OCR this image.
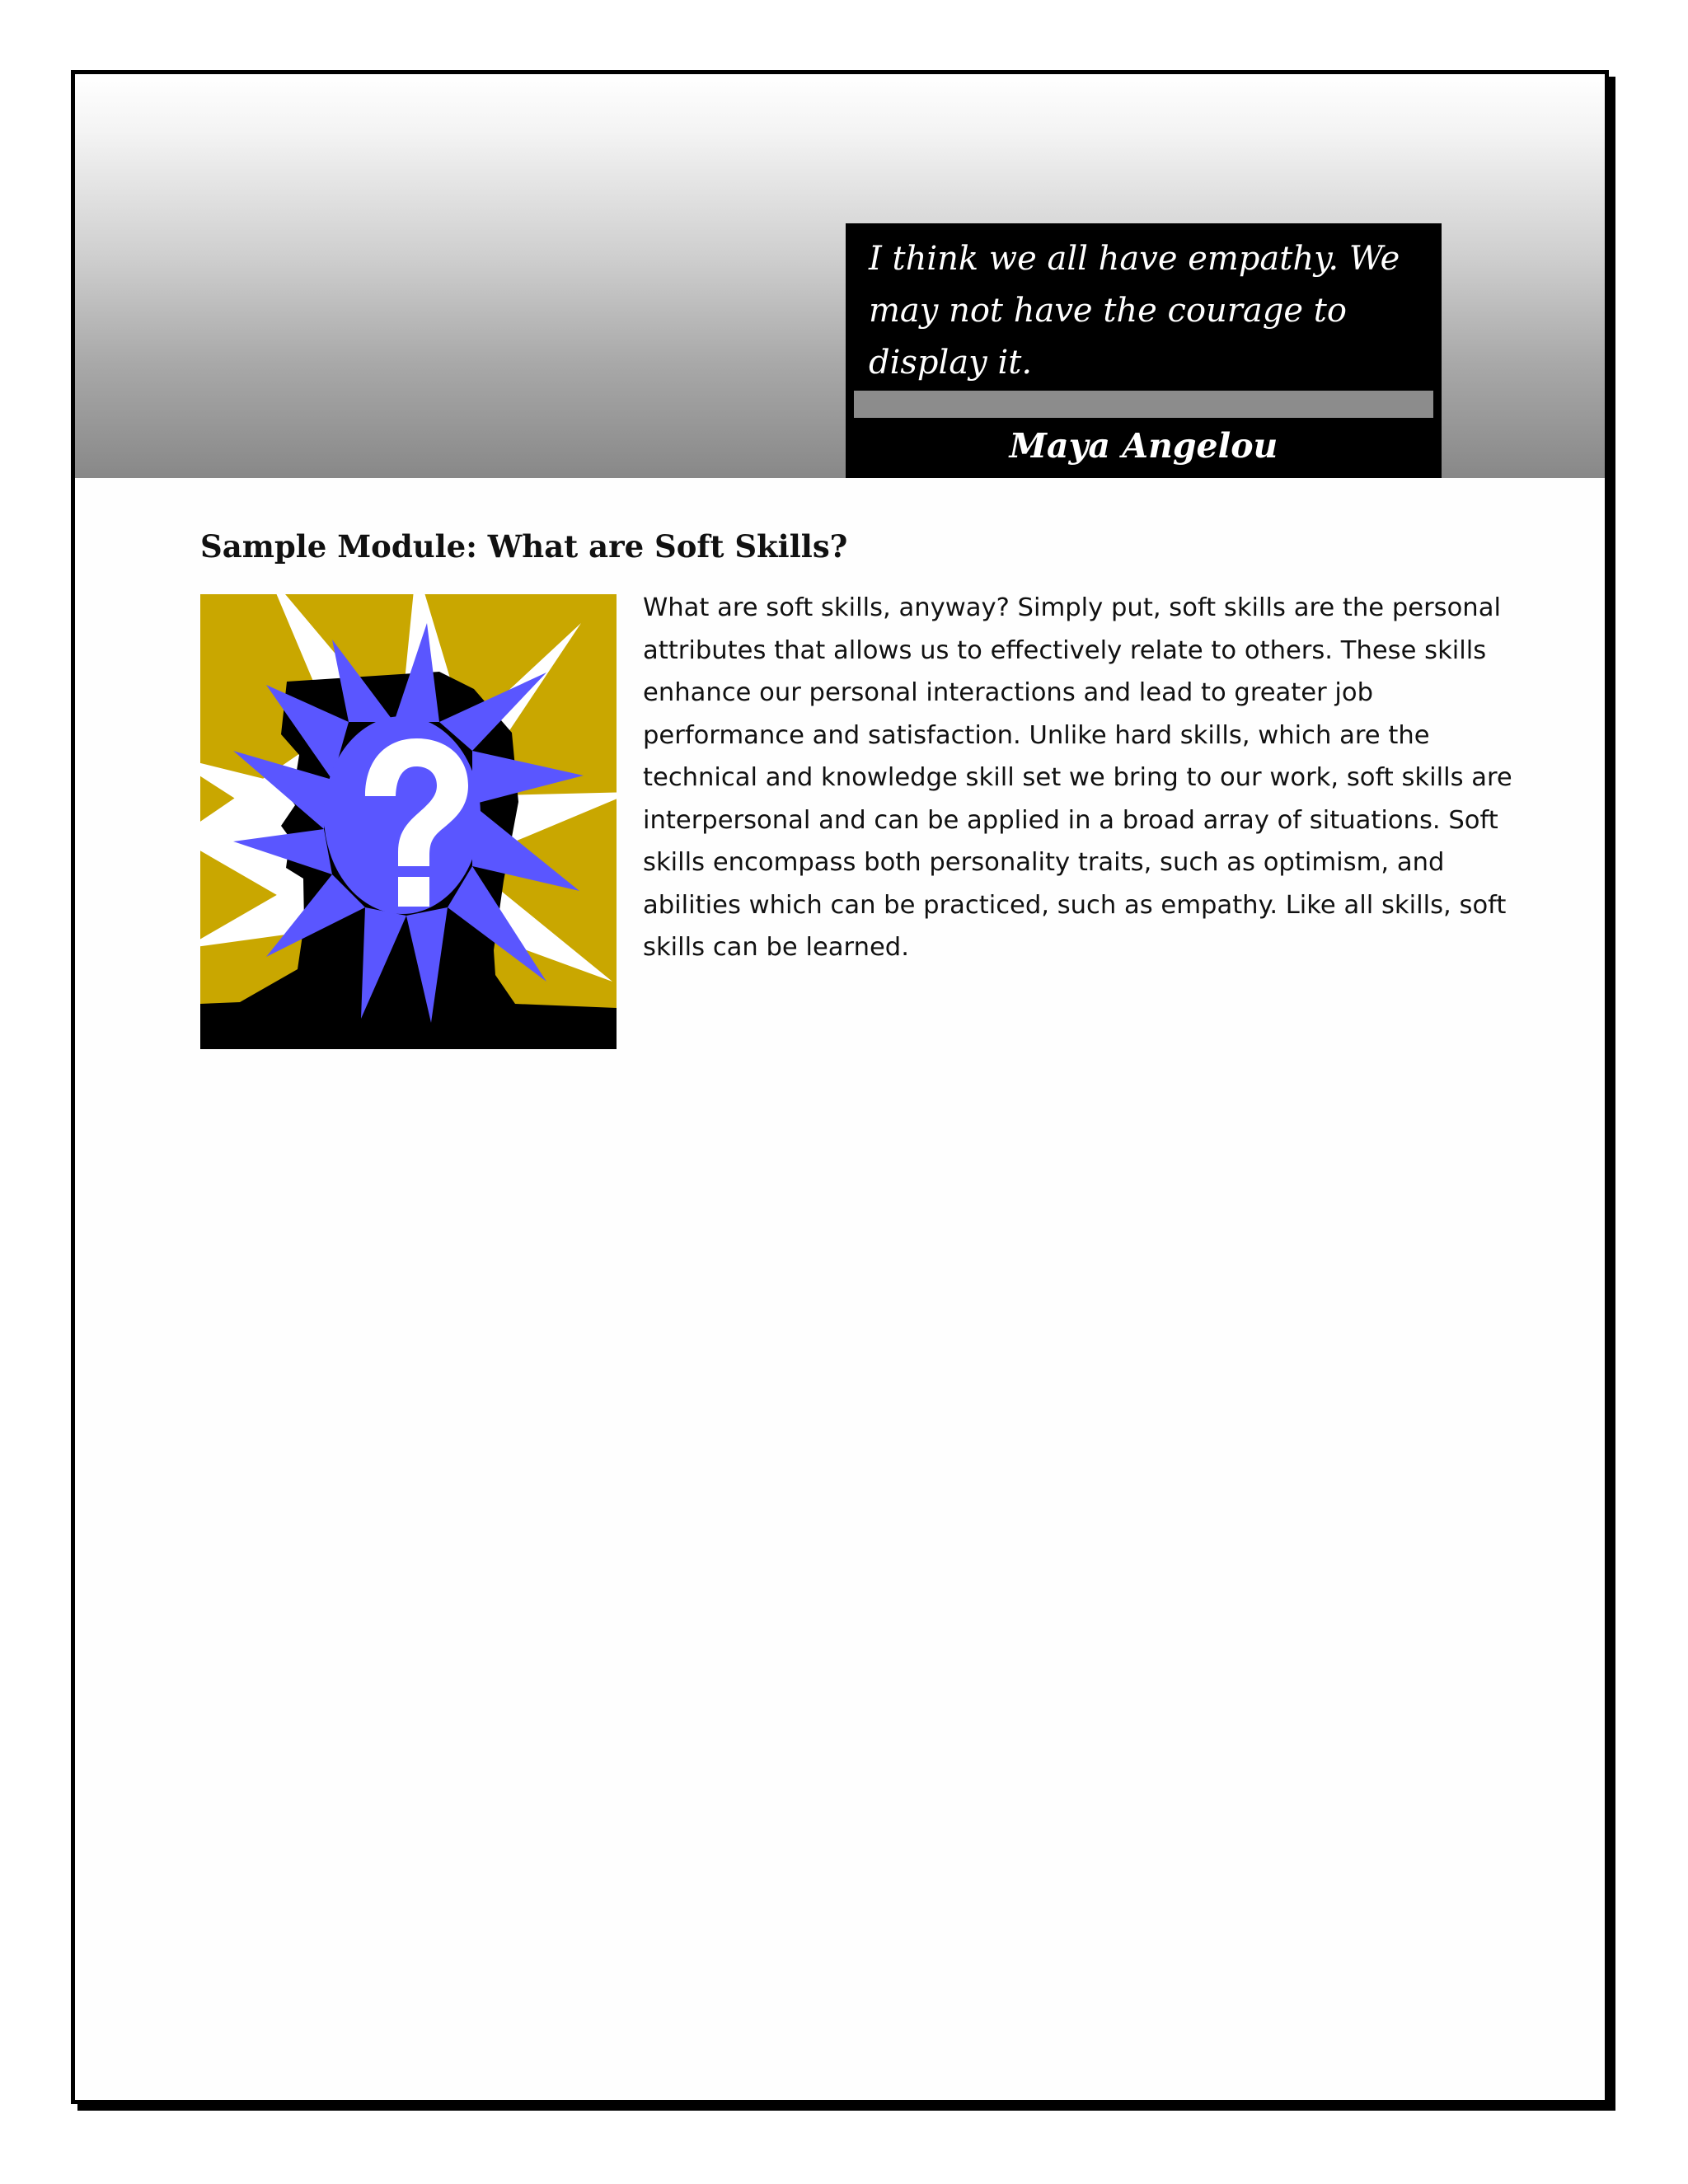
I think we all have empathy. We may not have the courage to display it.

Maya Angelou
Sample Module: What are Soft Skills?

What are soft skills, anyway? Simply put, soft skills are the personal attributes that allows us to effectively relate to others. These skills enhance our personal interactions and lead to greater job performance and satisfaction. Unlike hard skills, which are the technical and knowledge skill set we bring to our work, soft skills are interpersonal and can be applied in a broad array of situations. Soft skills encompass both personality traits, such as optimism, and abilities which can be practiced, such as empathy. Like all skills, soft skills can be learned.
